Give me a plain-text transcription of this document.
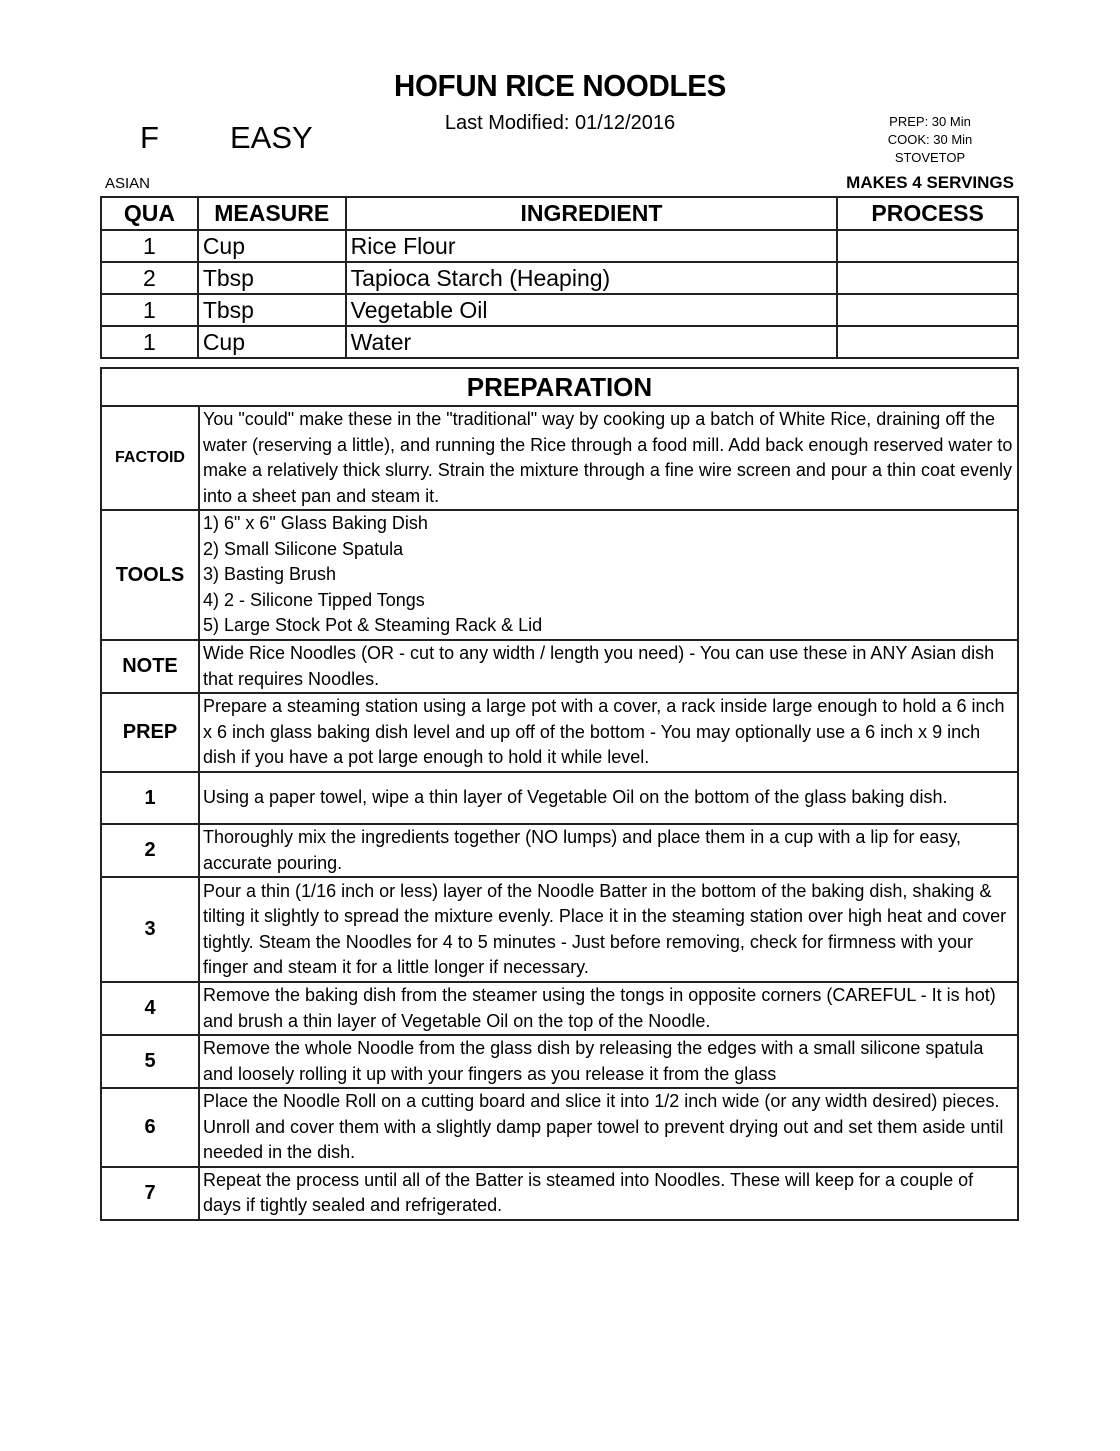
HOFUN RICE NOODLES
Last Modified: 01/12/2016
F EASY	PREP: 30 Min
COOK: 30 Min
STOVETOP
ASIAN	MAKES 4 SERVINGS
QUA	MEASURE	INGREDIENT	PROCESS
1	Cup	Rice Flour	
2	Tbsp	Tapioca Starch (Heaping)	
1	Tbsp	Vegetable Oil	
1	Cup	Water	
PREPARATION	
FACTOID	You "could" make these in the "traditional" way by cooking up a batch of White Rice, draining off the water (reserving a little), and running the Rice through a food mill. Add back enough reserved water to make a relatively thick slurry. Strain the mixture through a fine wire screen and pour a thin coat evenly into a sheet pan and steam it.
TOOLS	1) 6" x 6" Glass Baking Dish
2) Small Silicone Spatula
3) Basting Brush
4) 2 - Silicone Tipped Tongs
5) Large Stock Pot & Steaming Rack & Lid

NOTE	Wide Rice Noodles (OR - cut to any width / length you need) - You can use these in ANY Asian dish that requires Noodles.
PREP	Prepare a steaming station using a large pot with a cover, a rack inside large enough to hold a 6 inch x 6 inch glass baking dish level and up off of the bottom - You may optionally use a 6 inch x 9 inch dish if you have a pot large enough to hold it while level.
1	Using a paper towel, wipe a thin layer of Vegetable Oil on the bottom of the glass baking dish.
2	Thoroughly mix the ingredients together (NO lumps) and place them in a cup with a lip for easy, accurate pouring.
3	Pour a thin (1/16 inch or less) layer of the Noodle Batter in the bottom of the baking dish, shaking & tilting it slightly to spread the mixture evenly. Place it in the steaming station over high heat and cover tightly. Steam the Noodles for 4 to 5 minutes - Just before removing, check for firmness with your finger and steam it for a little longer if necessary.
4	Remove the baking dish from the steamer using the tongs in opposite corners (CAREFUL - It is hot) and brush a thin layer of Vegetable Oil on the top of the Noodle.
5	Remove the whole Noodle from the glass dish by releasing the edges with a small silicone spatula and loosely rolling it up with your fingers as you release it from the glass
6	Place the Noodle Roll on a cutting board and slice it into 1/2 inch wide (or any width desired) pieces. Unroll and cover them with a slightly damp paper towel to prevent drying out and set them aside until needed in the dish.
7	Repeat the process until all of the Batter is steamed into Noodles. These will keep for a couple of days if tightly sealed and refrigerated.
